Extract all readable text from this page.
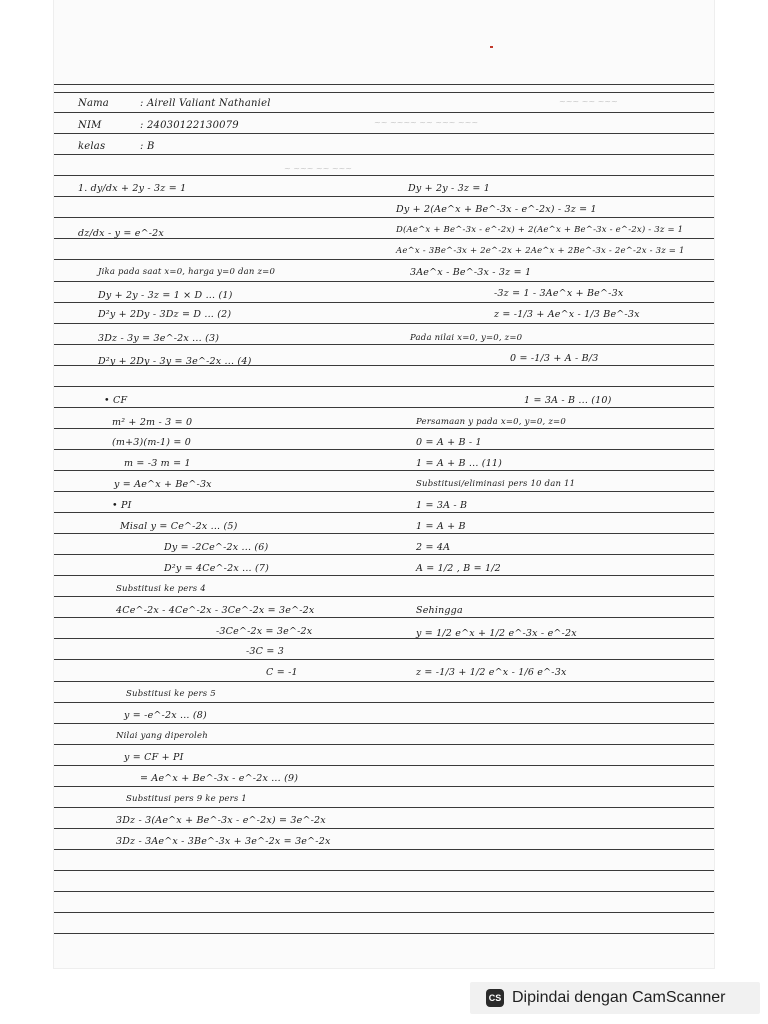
~~~ ~~ ~~~
~~ ~~~~ ~~ ~~~ ~~~
~ ~~~ ~~ ~~~
Nama	: Airell Valiant Nathaniel
NIM	: 24030122130079
kelas	: B
1. dy/dx + 2y - 3z = 1
dz/dx - y = e^-2x
Jika pada saat x=0, harga y=0 dan z=0
Dy + 2y - 3z = 1 × D ... (1)
D²y + 2Dy - 3Dz = D ... (2)
3Dz - 3y = 3e^-2x ... (3)
D²y + 2Dy - 3y = 3e^-2x ... (4)
• CF
m² + 2m - 3 = 0
(m+3)(m-1) = 0
m = -3 m = 1
y = Ae^x + Be^-3x
• PI
Misal y = Ce^-2x ... (5)
Dy = -2Ce^-2x ... (6)
D²y = 4Ce^-2x ... (7)
Substitusi ke pers 4
4Ce^-2x - 4Ce^-2x - 3Ce^-2x = 3e^-2x
-3Ce^-2x = 3e^-2x
-3C = 3
C = -1
Substitusi ke pers 5
y = -e^-2x ... (8)
Nilai yang diperoleh
y = CF + PI
= Ae^x + Be^-3x - e^-2x ... (9)
Substitusi pers 9 ke pers 1
3Dz - 3(Ae^x + Be^-3x - e^-2x) = 3e^-2x
3Dz - 3Ae^x - 3Be^-3x + 3e^-2x = 3e^-2x
Dy + 2y - 3z = 1
Dy + 2(Ae^x + Be^-3x - e^-2x) - 3z = 1
D(Ae^x + Be^-3x - e^-2x) + 2(Ae^x + Be^-3x - e^-2x) - 3z = 1
Ae^x - 3Be^-3x + 2e^-2x + 2Ae^x + 2Be^-3x - 2e^-2x - 3z = 1
3Ae^x - Be^-3x - 3z = 1
-3z = 1 - 3Ae^x + Be^-3x
z = -1/3 + Ae^x - 1/3 Be^-3x
Pada nilai x=0, y=0, z=0
0 = -1/3 + A - B/3
1 = 3A - B ... (10)
Persamaan y pada x=0, y=0, z=0
0 = A + B - 1
1 = A + B ... (11)
Substitusi/eliminasi pers 10 dan 11
1 = 3A - B
1 = A + B
2 = 4A
A = 1/2 , B = 1/2
Sehingga
y = 1/2 e^x + 1/2 e^-3x - e^-2x
z = -1/3 + 1/2 e^x - 1/6 e^-3x
CS Dipindai dengan CamScanner
